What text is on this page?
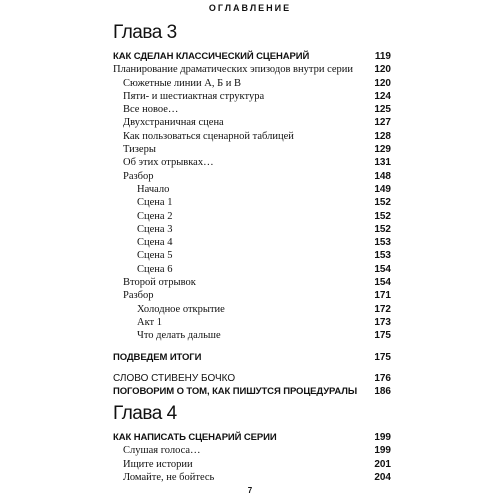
ОГЛАВЛЕНИЕ
Глава 3
КАК СДЕЛАН КЛАССИЧЕСКИЙ СЦЕНАРИЙ	119
Планирование драматических эпизодов внутри серии 120
Сюжетные линии А, Б и В	120
Пяти- и шестиактная структура	124
Все новое…	125
Двухстраничная сцена	127
Как пользоваться сценарной таблицей	128
Тизеры	129
Об этих отрывках…	131
Разбор	148
Начало	149
Сцена 1	152
Сцена 2	152
Сцена 3	152
Сцена 4	153
Сцена 5	153
Сцена 6	154
Второй отрывок	154
Разбор	171
Холодное открытие	172
Акт 1	173
Что делать дальше	175
ПОДВЕДЕМ ИТОГИ	175
СЛОВО СТИВЕНУ БОЧКО	176
ПОГОВОРИМ О ТОМ, КАК ПИШУТСЯ ПРОЦЕДУРАЛЫ 186
Глава 4
КАК НАПИСАТЬ СЦЕНАРИЙ СЕРИИ	199
Слушая голоса…	199
Ищите истории	201
Ломайте, не бойтесь	204
7
